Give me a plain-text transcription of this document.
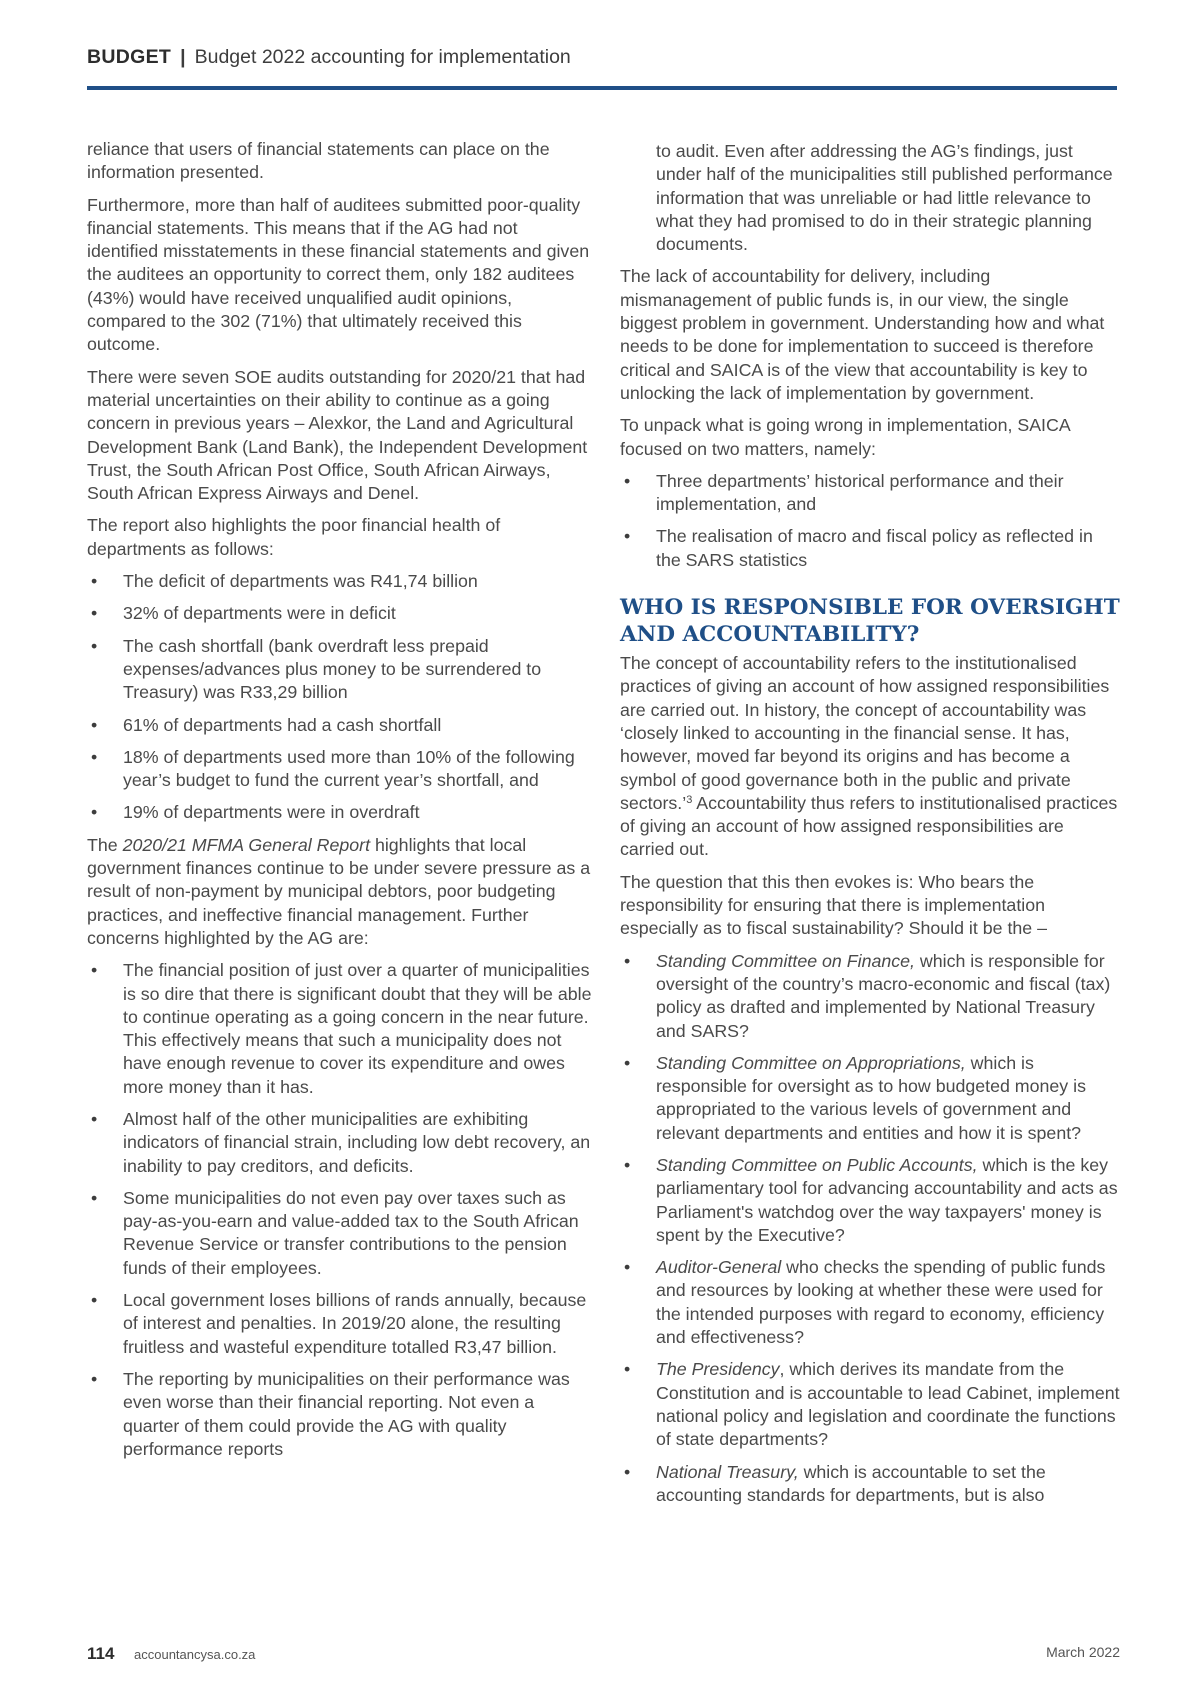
BUDGET | Budget 2022 accounting for implementation

reliance that users of financial statements can place on the information presented.

Furthermore, more than half of auditees submitted poor-quality financial statements. This means that if the AG had not identified misstatements in these financial statements and given the auditees an opportunity to correct them, only 182 auditees (43%) would have received unqualified audit opinions, compared to the 302 (71%) that ultimately received this outcome.

There were seven SOE audits outstanding for 2020/21 that had material uncertainties on their ability to continue as a going concern in previous years – Alexkor, the Land and Agricultural Development Bank (Land Bank), the Independent Development Trust, the South African Post Office, South African Airways, South African Express Airways and Denel.

The report also highlights the poor financial health of departments as follows:

• The deficit of departments was R41,74 billion
• 32% of departments were in deficit
• The cash shortfall (bank overdraft less prepaid expenses/advances plus money to be surrendered to Treasury) was R33,29 billion
• 61% of departments had a cash shortfall
• 18% of departments used more than 10% of the following year’s budget to fund the current year’s shortfall, and
• 19% of departments were in overdraft

The 2020/21 MFMA General Report highlights that local government finances continue to be under severe pressure as a result of non-payment by municipal debtors, poor budgeting practices, and ineffective financial management. Further concerns highlighted by the AG are:

• The financial position of just over a quarter of municipalities is so dire that there is significant doubt that they will be able to continue operating as a going concern in the near future. This effectively means that such a municipality does not have enough revenue to cover its expenditure and owes more money than it has.
• Almost half of the other municipalities are exhibiting indicators of financial strain, including low debt recovery, an inability to pay creditors, and deficits.
• Some municipalities do not even pay over taxes such as pay-as-you-earn and value-added tax to the South African Revenue Service or transfer contributions to the pension funds of their employees.
• Local government loses billions of rands annually, because of interest and penalties. In 2019/20 alone, the resulting fruitless and wasteful expenditure totalled R3,47 billion.
• The reporting by municipalities on their performance was even worse than their financial reporting. Not even a quarter of them could provide the AG with quality performance reports

to audit. Even after addressing the AG’s findings, just under half of the municipalities still published performance information that was unreliable or had little relevance to what they had promised to do in their strategic planning documents.

The lack of accountability for delivery, including mismanagement of public funds is, in our view, the single biggest problem in government. Understanding how and what needs to be done for implementation to succeed is therefore critical and SAICA is of the view that accountability is key to unlocking the lack of implementation by government.

To unpack what is going wrong in implementation, SAICA focused on two matters, namely:

• Three departments’ historical performance and their implementation, and
• The realisation of macro and fiscal policy as reflected in the SARS statistics
WHO IS RESPONSIBLE FOR OVERSIGHT AND ACCOUNTABILITY?

The concept of accountability refers to the institutionalised practices of giving an account of how assigned responsibilities are carried out. In history, the concept of accountability was ‘closely linked to accounting in the financial sense. It has, however, moved far beyond its origins and has become a symbol of good governance both in the public and private sectors.’$^3$ Accountability thus refers to institutionalised practices of giving an account of how assigned responsibilities are carried out.

The question that this then evokes is: Who bears the responsibility for ensuring that there is implementation especially as to fiscal sustainability? Should it be the –

• Standing Committee on Finance, which is responsible for oversight of the country’s macro-economic and fiscal (tax) policy as drafted and implemented by National Treasury and SARS?
• Standing Committee on Appropriations, which is responsible for oversight as to how budgeted money is appropriated to the various levels of government and relevant departments and entities and how it is spent?
• Standing Committee on Public Accounts, which is the key parliamentary tool for advancing accountability and acts as Parliament's watchdog over the way taxpayers' money is spent by the Executive?
• Auditor-General who checks the spending of public funds and resources by looking at whether these were used for the intended purposes with regard to economy, efficiency and effectiveness?
• The Presidency, which derives its mandate from the Constitution and is accountable to lead Cabinet, implement national policy and legislation and coordinate the functions of state departments?
• National Treasury, which is accountable to set the accounting standards for departments, but is also
114 accountancysa.co.za	March 2022
